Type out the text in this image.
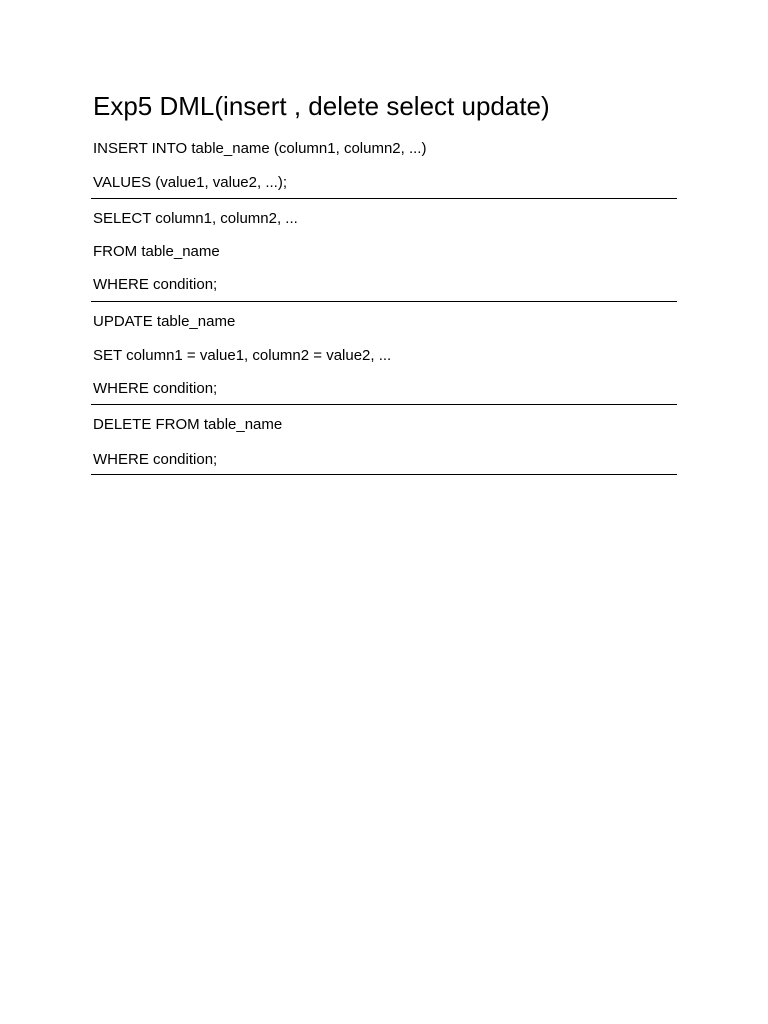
Exp5 DML(insert , delete select update)
INSERT INTO table_name (column1, column2, ...)
VALUES (value1, value2, ...);
SELECT column1, column2, ...
FROM table_name
WHERE condition;
UPDATE table_name
SET column1 = value1, column2 = value2, ...
WHERE condition;
DELETE FROM table_name
WHERE condition;
